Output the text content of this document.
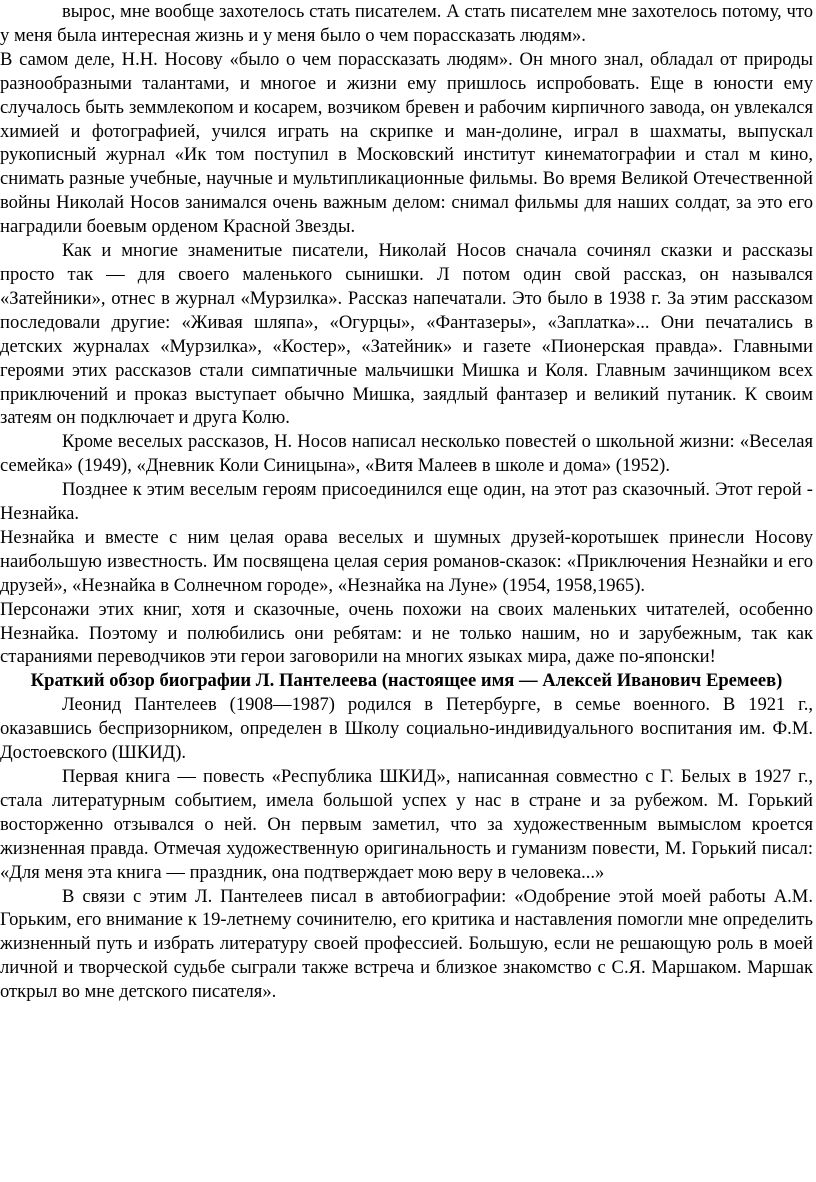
вырос, мне вообще захотелось стать писателем. А стать писателем мне захотелось потому, что у меня была интересная жизнь и у меня было о чем порассказать людям».

В самом деле, Н.Н. Носову «было о чем порассказать людям». Он много знал, обладал от природы разнообразными талантами, и многое и жизни ему пришлось испробовать. Еще в юности ему случалось быть земмлекопом и косарем, возчиком бревен и рабочим кирпичного завода, он увлекался химией и фотографией, учился играть на скрипке и ман-долине, играл в шахматы, выпускал рукописный журнал «Ик том поступил в Московский институт кинематографии и стал м кино, снимать разные учебные, научные и мультипликационные фильмы. Во время Великой Отечественной войны Николай Носов занимался очень важным делом: снимал фильмы для наших солдат, за это его наградили боевым орденом Красной Звезды.

Как и многие знаменитые писатели, Николай Носов сначала сочинял сказки и рассказы просто так — для своего маленького сынишки. Л потом один свой рассказ, он назывался «Затейники», отнес в журнал «Мурзилка». Рассказ напечатали. Это было в 1938 г. За этим рассказом последовали другие: «Живая шляпа», «Огурцы», «Фантазеры», «Заплатка»... Они печатались в детских журналах «Мурзилка», «Костер», «Затейник» и газете «Пионерская правда». Главными героями этих рассказов стали симпатичные мальчишки Мишка и Коля. Главным зачинщиком всех приключений и проказ выступает обычно Мишка, заядлый фантазер и великий путаник. К своим затеям он подключает и друга Колю.

Кроме веселых рассказов, Н. Носов написал несколько повестей о школьной жизни: «Веселая семейка» (1949), «Дневник Коли Синицына», «Витя Малеев в школе и дома» (1952).

Позднее к этим веселым героям присоединился еще один, на этот раз сказочный. Этот герой - Незнайка.

Незнайка и вместе с ним целая орава веселых и шумных друзей-коротышек принесли Носову наибольшую известность. Им посвящена целая серия романов-сказок: «Приключения Незнайки и его друзей», «Незнайка в Солнечном городе», «Незнайка на Луне» (1954, 1958,1965).

Персонажи этих книг, хотя и сказочные, очень похожи на своих маленьких читателей, особенно Незнайка. Поэтому и полюбились они ребятам: и не только нашим, но и зарубежным, так как стараниями переводчиков эти герои заговорили на многих языках мира, даже по-японски!

Краткий обзор биографии Л. Пантелеева (настоящее имя — Алексей Иванович Еремеев)

Леонид Пантелеев (1908—1987) родился в Петербурге, в семье военного. В 1921 г., оказавшись беспризорником, определен в Школу социально-индивидуального воспитания им. Ф.М. Достоевского (ШКИД).

Первая книга — повесть «Республика ШКИД», написанная совместно с Г. Белых в 1927 г., стала литературным событием, имела большой успех у нас в стране и за рубежом. М. Горький восторженно отзывался о ней. Он первым заметил, что за художественным вымыслом кроется жизненная правда. Отмечая художественную оригинальность и гуманизм повести, М. Горький писал: «Для меня эта книга — праздник, она подтверждает мою веру в человека...»

В связи с этим Л. Пантелеев писал в автобиографии: «Одобрение этой моей работы А.М. Горьким, его внимание к 19-летнему сочинителю, его критика и наставления помогли мне определить жизненный путь и избрать литературу своей профессией. Большую, если не решающую роль в моей личной и творческой судьбе сыграли также встреча и близкое знакомство с С.Я. Маршаком. Маршак открыл во мне детского писателя».
